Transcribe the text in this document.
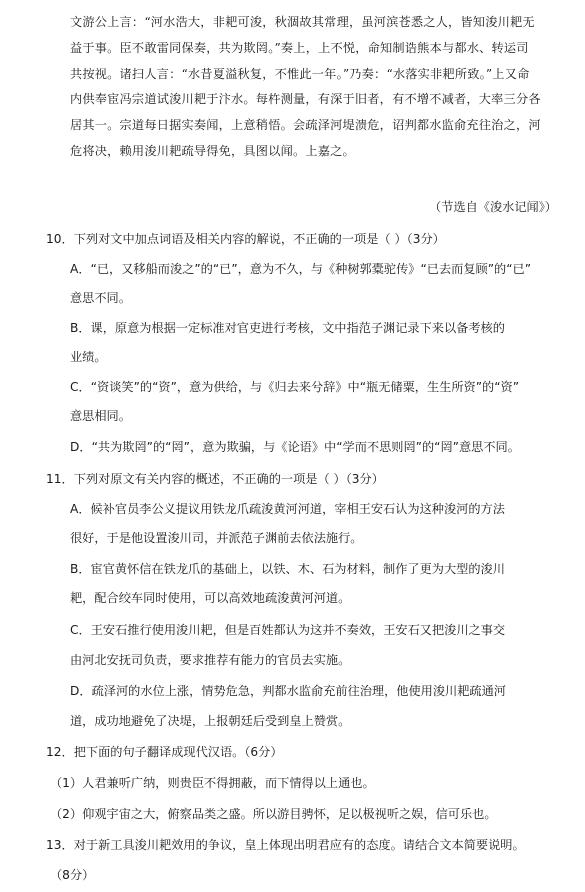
文游公上言：“河水浩大，非耙可浚，秋涸故其常理，虽河滨苍悉之人，皆知浚川耙无
益于事。臣不敢雷同保奏，共为欺罔。”奏上，上不悦，命知制诰熊本与都水、转运司
共按视。诸扫人言：“水昔夏溢秋复，不惟此一年。”乃奏：“水落实非耙所致。”上又命
内供奉宦冯宗道试浚川耙于汴水。每杵测量，有深于旧者，有不增不减者，大率三分各
居其一。宗道每日据实奏闻，上意稍悟。会疏泽河堤溃危，诏判都水监俞充往治之，河
危将决，赖用浚川耙疏导得免，具图以闻。上嘉之。
（节选自《浚水记闻》）
10．下列对文中加点词语及相关内容的解说，不正确的一项是（ ）（3分）
A．“已，又移船而浚之”的“已”，意为不久，与《种树郭橐驼传》“已去而复顾”的“已”
意思不同。
B．课，原意为根据一定标准对官吏进行考核，文中指范子渊记录下来以备考核的
业绩。
C．“资谈笑”的“资”，意为供给，与《归去来兮辞》中“瓶无储粟，生生所资”的“资”
意思相同。
D．“共为欺罔”的“罔”，意为欺骗，与《论语》中“学而不思则罔”的“罔”意思不同。
11．下列对原文有关内容的概述，不正确的一项是（ ）（3分）
A．候补官员李公义提议用铁龙爪疏浚黄河河道，宰相王安石认为这种浚河的方法
很好，于是他设置浚川司，并派范子渊前去依法施行。
B．宦官黄怀信在铁龙爪的基础上，以铁、木、石为材料，制作了更为大型的浚川
耙，配合绞车同时使用，可以高效地疏浚黄河河道。
C．王安石推行使用浚川耙，但是百姓都认为这并不奏效，王安石又把浚川之事交
由河北安抚司负责，要求推荐有能力的官员去实施。
D．疏泽河的水位上涨，情势危急，判都水监俞充前往治理，他使用浚川耙疏通河
道，成功地避免了决堤，上报朝廷后受到皇上赞赏。
12．把下面的句子翻译成现代汉语。（6分）
（1）人君兼听广纳，则贵臣不得拥蔽，而下情得以上通也。
（2）仰观宇宙之大，俯察品类之盛。所以游目骋怀，足以极视听之娱，信可乐也。
13．对于新工具浚川耙效用的争议，皇上体现出明君应有的态度。请结合文本简要说明。
（8分）
